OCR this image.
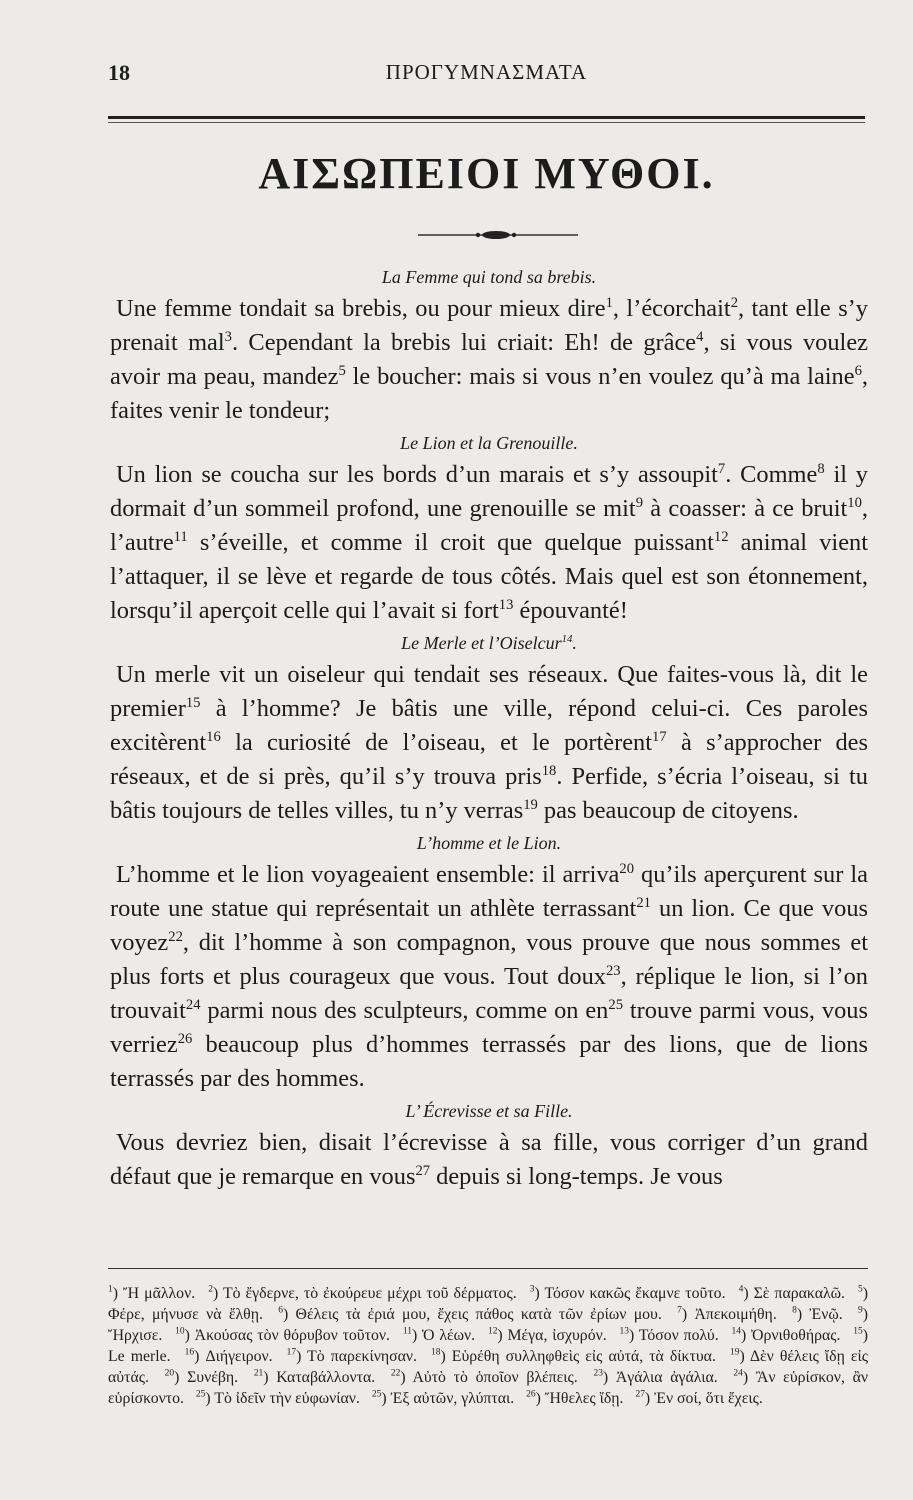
18	ΠΡΟΓΥΜΝΑΣΜΑΤΑ
ΑΙΣΩΠΕΙΟΙ ΜΥΘΟΙ.
La Femme qui tond sa brebis.

Une femme tondait sa brebis, ou pour mieux dire$^1$, l’écorchait$^2$, tant elle s’y prenait mal$^3$. Cependant la brebis lui criait: Eh! de grâce$^4$, si vous voulez avoir ma peau, mandez$^5$ le boucher: mais si vous n’en voulez qu’à ma laine$^6$, faites venir le tondeur;

Le Lion et la Grenouille.

Un lion se coucha sur les bords d’un marais et s’y assoupit$^7$. Comme$^8$ il y dormait d’un sommeil profond, une grenouille se mit$^9$ à coasser: à ce bruit$^{10}$, l’autre$^{11}$ s’éveille, et comme il croit que quelque puissant$^{12}$ animal vient l’attaquer, il se lève et regarde de tous côtés. Mais quel est son étonnement, lorsqu’il aperçoit celle qui l’avait si fort$^{13}$ épouvanté!

Le Merle et l’Oiselcur$^{14}$.

Un merle vit un oiseleur qui tendait ses réseaux. Que faites-vous là, dit le premier$^{15}$ à l’homme? Je bâtis une ville, répond celui-ci. Ces paroles excitèrent$^{16}$ la curiosité de l’oiseau, et le portèrent$^{17}$ à s’approcher des réseaux, et de si près, qu’il s’y trouva pris$^{18}$. Perfide, s’écria l’oiseau, si tu bâtis toujours de telles villes, tu n’y verras$^{19}$ pas beaucoup de citoyens.

L’homme et le Lion.

L’homme et le lion voyageaient ensemble: il arriva$^{20}$ qu’ils aperçurent sur la route une statue qui représentait un athlète terrassant$^{21}$ un lion. Ce que vous voyez$^{22}$, dit l’homme à son compagnon, vous prouve que nous sommes et plus forts et plus courageux que vous. Tout doux$^{23}$, réplique le lion, si l’on trouvait$^{24}$ parmi nous des sculpteurs, comme on $en^{25}$ trouve parmi vous, vous verriez$^{26}$ beaucoup plus d’hommes terrassés par des lions, que de lions terrassés par des hommes.

L’ Écrevisse et sa Fille.

Vous devriez bien, disait l’écrevisse à sa fille, vous corriger d’un grand défaut que je remarque en vous$^{27}$ depuis si long-temps. Je vous

$^1$) Ἤ μᾶλλον. $^2$) Τὸ ἔγδερνε, τὸ ἐκούρευε μέχρι τοῦ δέρματος. $^3$) Τόσον κακῶς ἔκαμνε τοῦτο. $^4$) Σὲ παρακαλῶ. $^5$) Φέρε, μήνυσε νὰ ἔλθῃ. $^6$) Θέλεις τὰ ἐριά μου, ἔχεις πάθος κατὰ τῶν ἐρίων μου. $^7$) Ἀπεκοιμήθη. $^8$) Ἐνῷ. $^9$) Ἤρχισε. $^{10}$) Ἀκούσας τὸν θόρυβον τοῦτον. $^{11}$) Ὁ λέων. $^{12}$) Μέγα, ἰσχυρόν. $^{13}$) Τόσον πολύ. $^{14}$) Ὀρνιθοθήρας. $^{15}$) Le merle. $^{16}$) Διήγειρον. $^{17}$) Τὸ παρεκίνησαν. $^{18}$) Εὑρέθη συλληφθεὶς εἰς αὐτά, τὰ δίκτυα. $^{19}$) Δὲν θέλεις ἴδῃ εἰς αὐτάς. $^{20}$) Συνέβη. $^{21}$) Καταβάλλοντα. $^{22}$) Αὐτὸ τὸ ὁποῖον βλέπεις. $^{23}$) Ἀγάλια ἀγάλια. $^{24}$) Ἂν εὑρίσκον, ἂν εὑρίσκοντο. $^{25}$) Τὸ ἰδεῖν τὴν εὑφωνίαν. $^{25}$) Ἐξ αὐτῶν, γλύπται. $^{26}$) Ἤθελες ἴδῃ. $^{27}$) Ἐν σοί, ὅτι ἔχεις.
